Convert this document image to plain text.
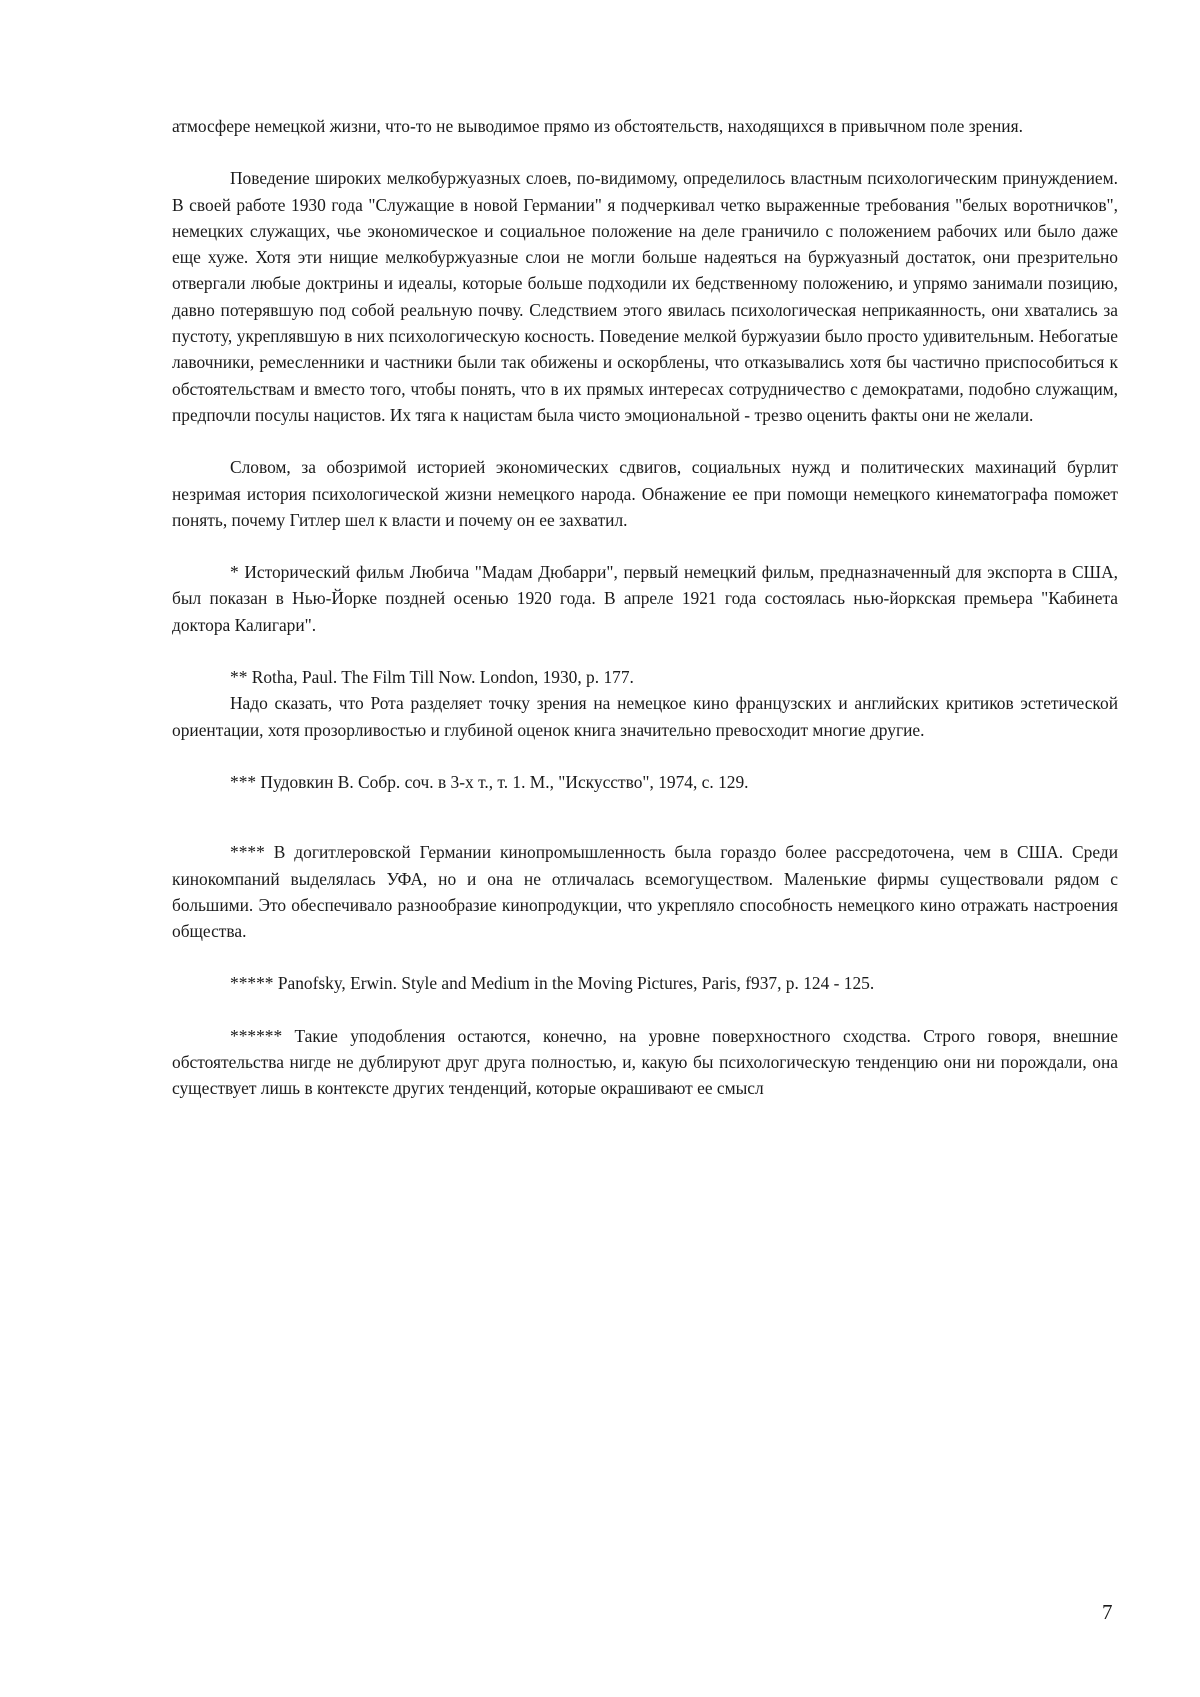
атмосфере немецкой жизни, что-то не выводимое прямо из обстоятельств, находящихся в привычном поле зрения.

Поведение широких мелкобуржуазных слоев, по-видимому, определилось властным психологическим принуждением. В своей работе 1930 года "Служащие в новой Германии" я подчеркивал четко выраженные требования "белых воротничков", немецких служащих, чье экономическое и социальное положение на деле граничило с положением рабочих или было даже еще хуже. Хотя эти нищие мелкобуржуазные слои не могли больше надеяться на буржуазный достаток, они презрительно отвергали любые доктрины и идеалы, которые больше подходили их бедственному положению, и упрямо занимали позицию, давно потерявшую под собой реальную почву. Следствием этого явилась психологическая неприкаянность, они хватались за пустоту, укреплявшую в них психологическую косность. Поведение мелкой буржуазии было просто удивительным. Небогатые лавочники, ремесленники и частники были так обижены и оскорблены, что отказывались хотя бы частично приспособиться к обстоятельствам и вместо того, чтобы понять, что в их прямых интересах сотрудничество с демократами, подобно служащим, предпочли посулы нацистов. Их тяга к нацистам была чисто эмоциональной - трезво оценить факты они не желали.

Словом, за обозримой историей экономических сдвигов, социальных нужд и политических махинаций бурлит незримая история психологической жизни немецкого народа. Обнажение ее при помощи немецкого кинематографа поможет понять, почему Гитлер шел к власти и почему он ее захватил.

* Исторический фильм Любича "Мадам Дюбарри", первый немецкий фильм, предназначенный для экспорта в США, был показан в Нью-Йорке поздней осенью 1920 года. В апреле 1921 года состоялась нью-йоркская премьера "Кабинета доктора Калигари".

** Rotha, Paul. The Film Till Now. London, 1930, p. 177.

Надо сказать, что Рота разделяет точку зрения на немецкое кино французских и английских критиков эстетической ориентации, хотя прозорливостью и глубиной оценок книга значительно превосходит многие другие.

*** Пудовкин В. Собр. соч. в 3-х т., т. 1. М., "Искусство", 1974, с. 129.

**** В догитлеровской Германии кинопромышленность была гораздо более рассредоточена, чем в США. Среди кинокомпаний выделялась УФА, но и она не отличалась всемогуществом. Маленькие фирмы существовали рядом с большими. Это обеспечивало разнообразие кинопродукции, что укрепляло способность немецкого кино отражать настроения общества.

***** Panofsky, Erwin. Style and Medium in the Moving Pictures, Paris, f937, p. 124 - 125.

****** Такие уподобления остаются, конечно, на уровне поверхностного сходства. Строго говоря, внешние обстоятельства нигде не дублируют друг друга полностью, и, какую бы психологическую тенденцию они ни порождали, она существует лишь в контексте других тенденций, которые окрашивают ее смысл

7
